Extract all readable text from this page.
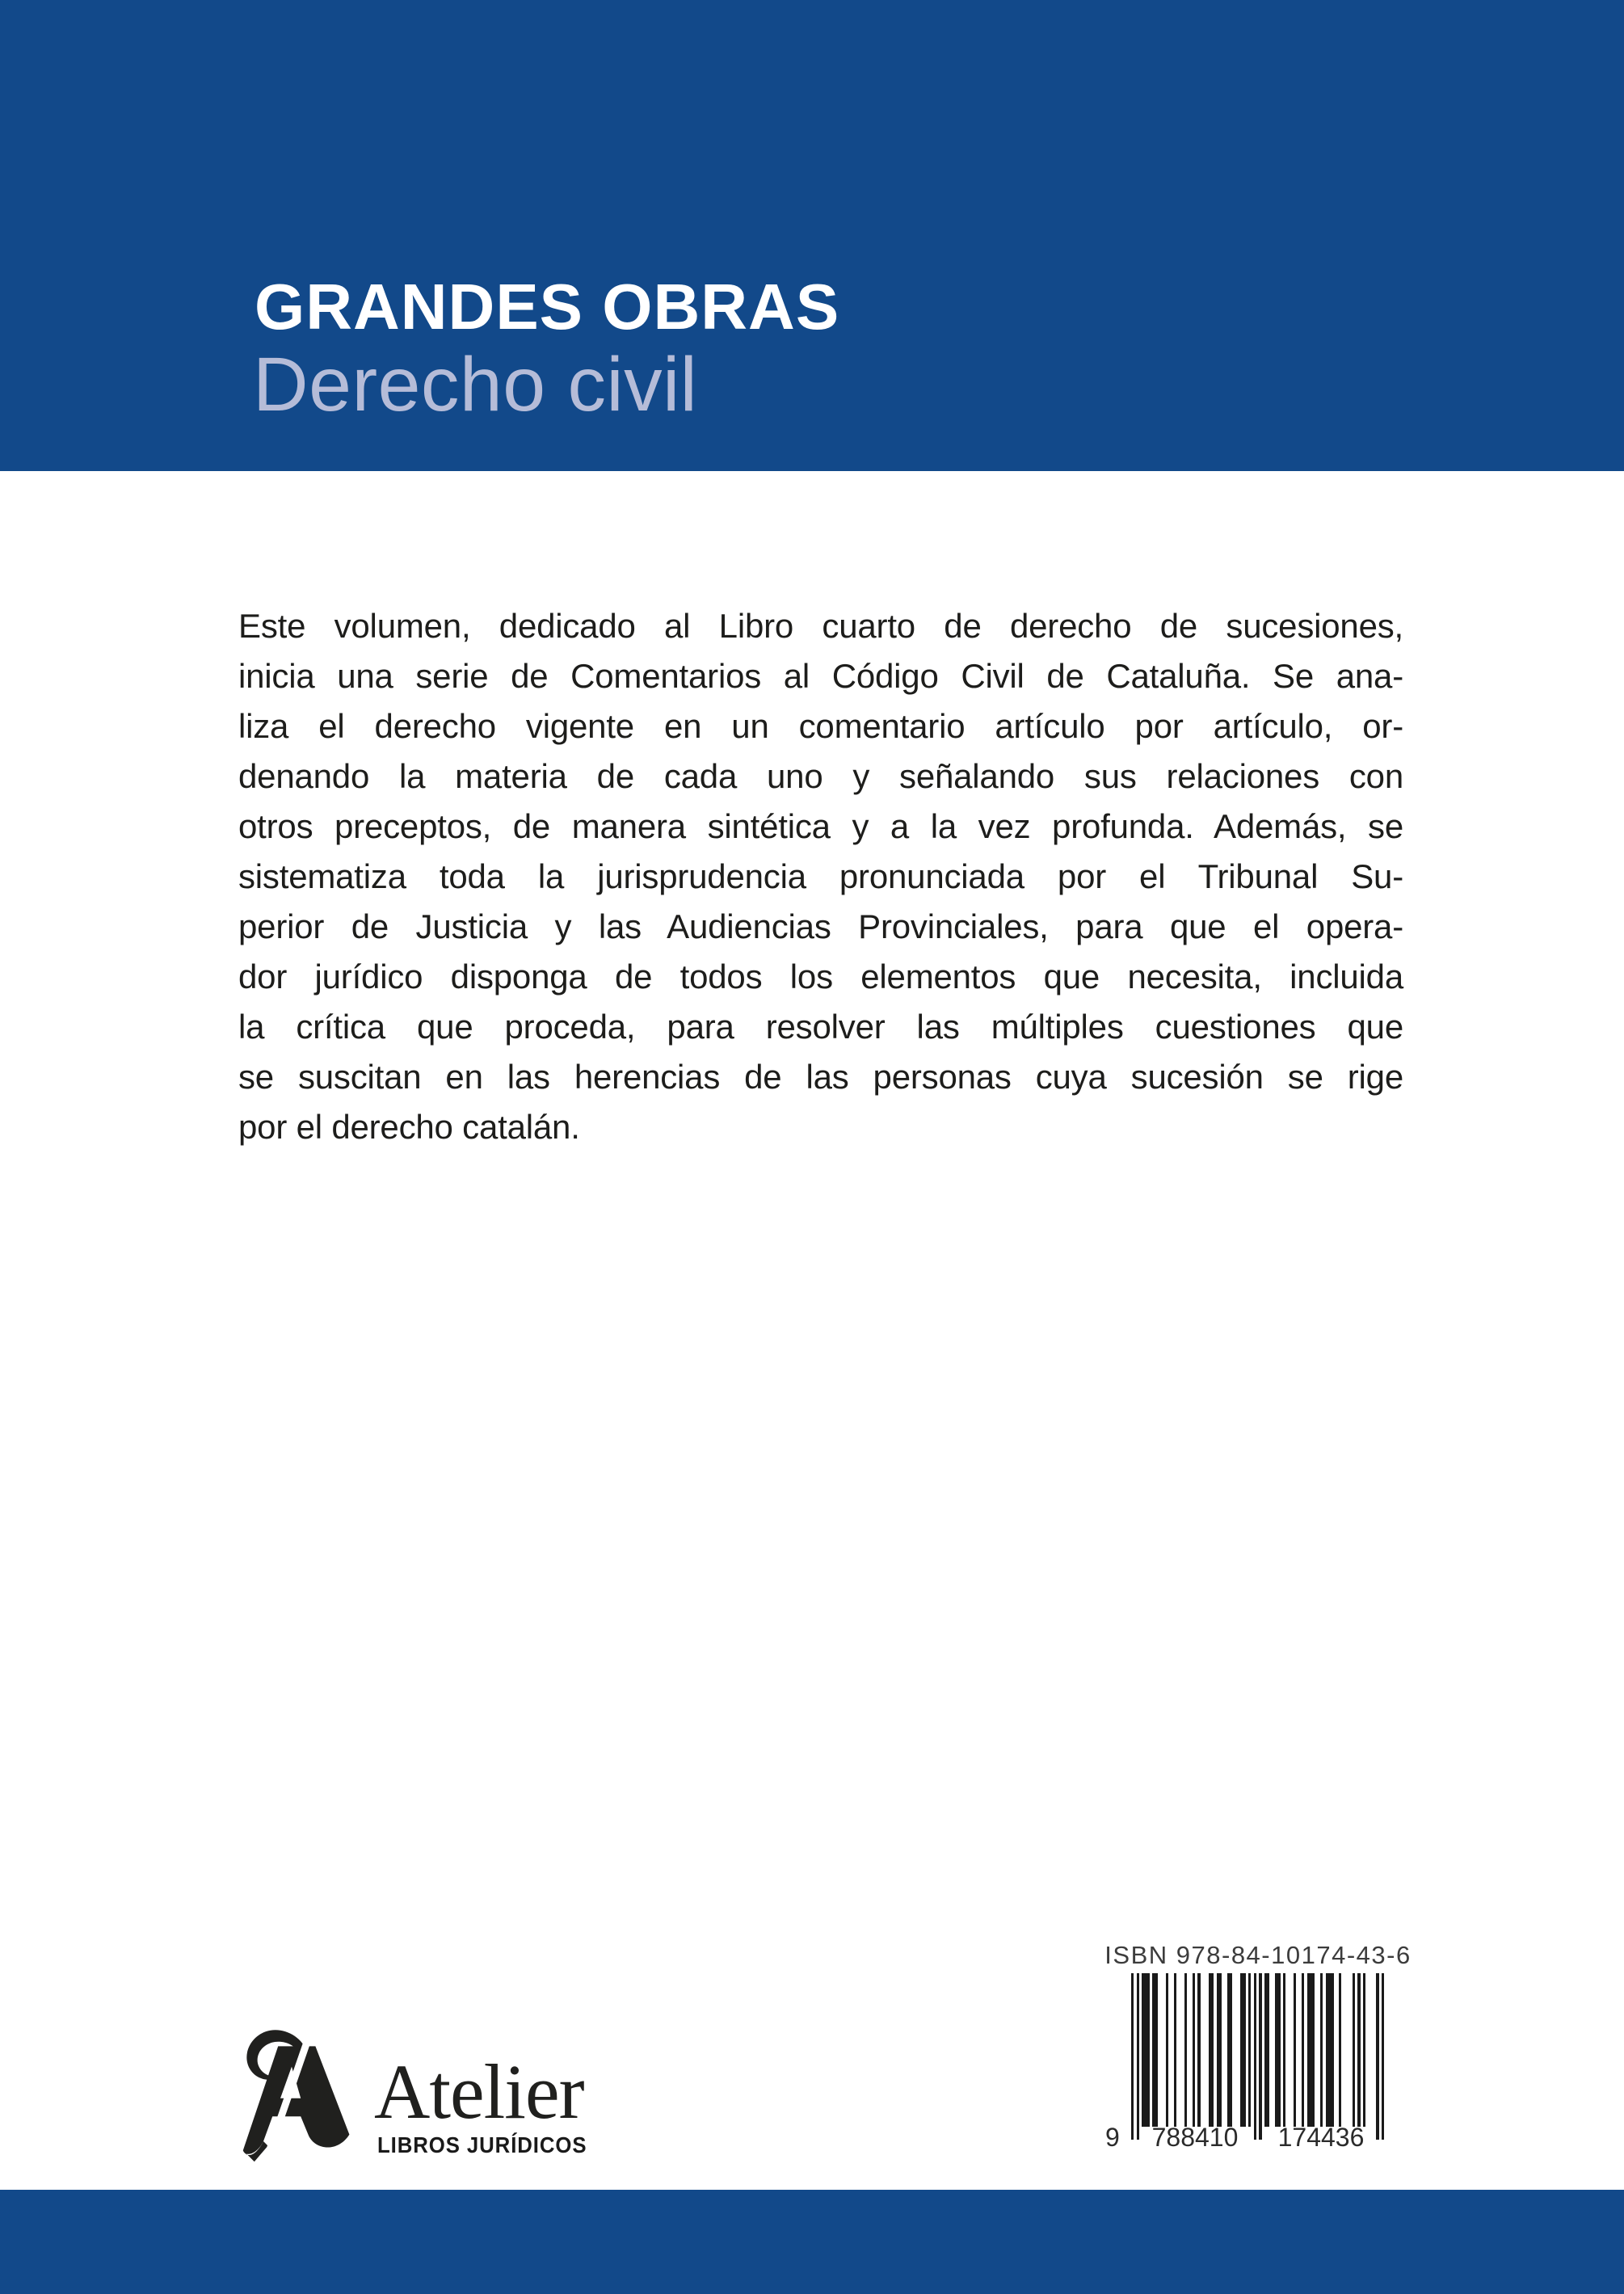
GRANDES OBRAS
Derecho civil
Este volumen, dedicado al Libro cuarto de derecho de sucesiones,
inicia una serie de Comentarios al Código Civil de Cataluña. Se ana-
liza el derecho vigente en un comentario artículo por artículo, or-
denando la materia de cada uno y señalando sus relaciones con
otros preceptos, de manera sintética y a la vez profunda. Además, se
sistematiza toda la jurisprudencia pronunciada por el Tribunal Su-
perior de Justicia y las Audiencias Provinciales, para que el opera-
dor jurídico disponga de todos los elementos que necesita, incluida
la crítica que proceda, para resolver las múltiples cuestiones que
se suscitan en las herencias de las personas cuya sucesión se rige
por el derecho catalán.
ISBN 978-84-10174-43-6
9	788410	174436
Atelier
LIBROS JURÍDICOS
